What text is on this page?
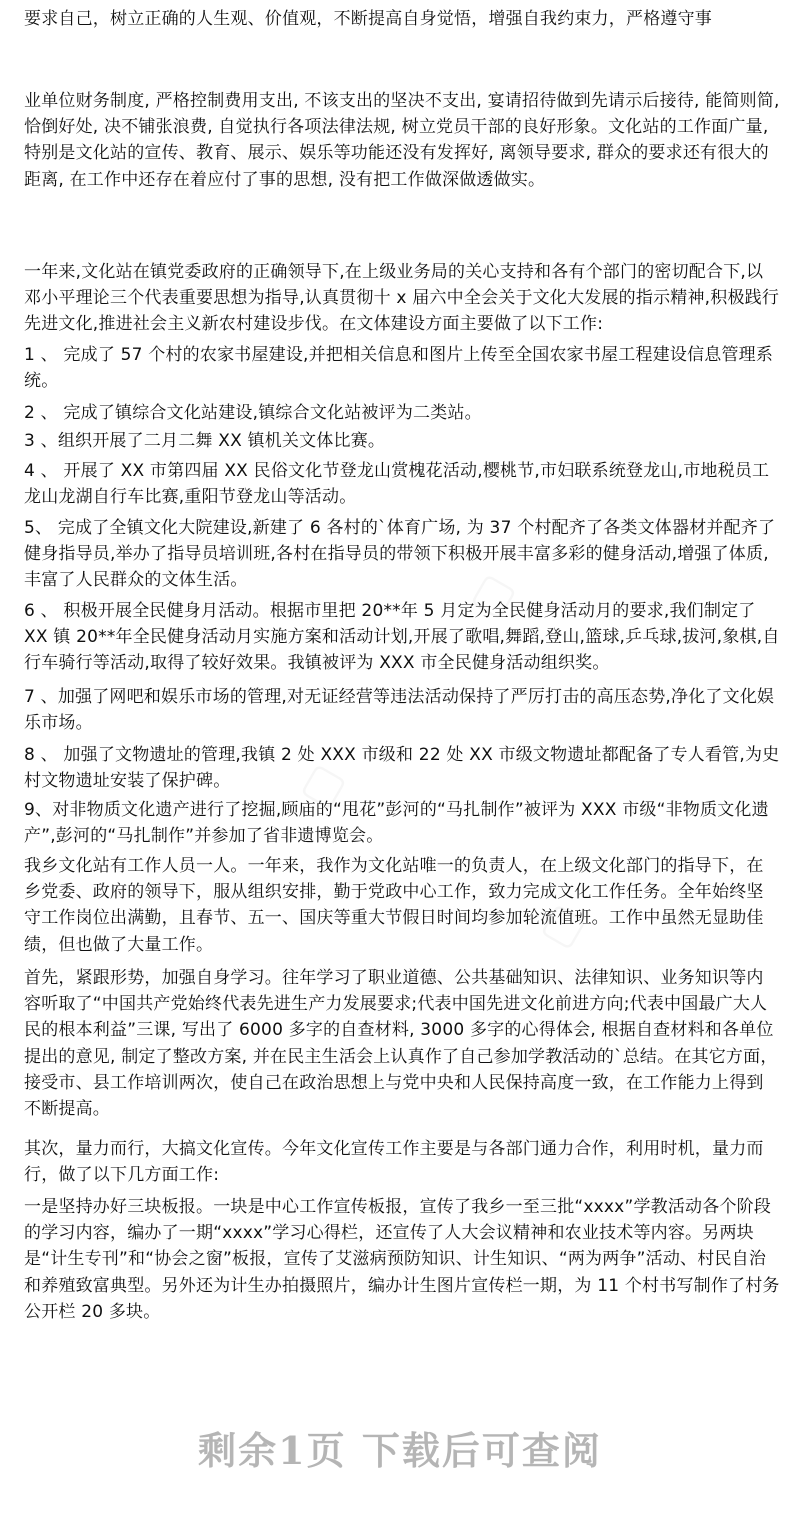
要求自己，树立正确的人生观、价值观，不断提高自身觉悟，增强自我约束力，严格遵守事

业单位财务制度, 严格控制费用支出, 不该支出的坚决不支出, 宴请招待做到先请示后接待, 能简则简, 恰倒好处, 决不铺张浪费, 自觉执行各项法律法规, 树立党员干部的良好形象。文化站的工作面广量, 特别是文化站的宣传、教育、展示、娱乐等功能还没有发挥好, 离领导要求, 群众的要求还有很大的距离, 在工作中还存在着应付了事的思想, 没有把工作做深做透做实。

一年来,文化站在镇党委政府的正确领导下,在上级业务局的关心支持和各有个部门的密切配合下,以邓小平理论三个代表重要思想为指导,认真贯彻十 x 届六中全会关于文化大发展的指示精神,积极践行先进文化,推进社会主义新农村建设步伐。在文体建设方面主要做了以下工作:

1 、 完成了 57 个村的农家书屋建设,并把相关信息和图片上传至全国农家书屋工程建设信息管理系统。

2 、 完成了镇综合文化站建设,镇综合文化站被评为二类站。

3 、组织开展了二月二舞 XX 镇机关文体比赛。

4 、 开展了 XX 市第四届 XX 民俗文化节登龙山赏槐花活动,樱桃节,市妇联系统登龙山,市地税员工龙山龙湖自行车比赛,重阳节登龙山等活动。

5、 完成了全镇文化大院建设,新建了 6 各村的`体育广场, 为 37 个村配齐了各类文体器材并配齐了健身指导员,举办了指导员培训班,各村在指导员的带领下积极开展丰富多彩的健身活动,增强了体质,丰富了人民群众的文体生活。

6 、 积极开展全民健身月活动。根据市里把 20**年 5 月定为全民健身活动月的要求,我们制定了 XX 镇 20**年全民健身活动月实施方案和活动计划,开展了歌唱,舞蹈,登山,篮球,乒乓球,拔河,象棋,自行车骑行等活动,取得了较好效果。我镇被评为 XXX 市全民健身活动组织奖。

7 、加强了网吧和娱乐市场的管理,对无证经营等违法活动保持了严厉打击的高压态势,净化了文化娱乐市场。

8 、 加强了文物遗址的管理,我镇 2 处 XXX 市级和 22 处 XX 市级文物遗址都配备了专人看管,为史村文物遗址安装了保护碑。

9、对非物质文化遗产进行了挖掘,顾庙的“甩花”彭河的“马扎制作”被评为 XXX 市级“非物质文化遗产”,彭河的“马扎制作”并参加了省非遗博览会。

我乡文化站有工作人员一人。一年来，我作为文化站唯一的负责人，在上级文化部门的指导下，在乡党委、政府的领导下，服从组织安排，勤于党政中心工作，致力完成文化工作任务。全年始终坚守工作岗位出满勤，且春节、五一、国庆等重大节假日时间均参加轮流值班。工作中虽然无显助佳绩，但也做了大量工作。

首先，紧跟形势，加强自身学习。往年学习了职业道德、公共基础知识、法律知识、业务知识等内容听取了“中国共产党始终代表先进生产力发展要求;代表中国先进文化前进方向;代表中国最广大人民的根本利益”三课, 写出了 6000 多字的自查材料, 3000 多字的心得体会, 根据自查材料和各单位提出的意见, 制定了整改方案, 并在民主生活会上认真作了自己参加学教活动的`总结。在其它方面，接受市、县工作培训两次，使自己在政治思想上与党中央和人民保持高度一致，在工作能力上得到不断提高。

其次，量力而行，大搞文化宣传。今年文化宣传工作主要是与各部门通力合作，利用时机，量力而行，做了以下几方面工作:

一是坚持办好三块板报。一块是中心工作宣传板报，宣传了我乡一至三批“xxxx”学教活动各个阶段的学习内容，编办了一期“xxxx”学习心得栏，还宣传了人大会议精神和农业技术等内容。另两块是“计生专刊”和“协会之窗”板报，宣传了艾滋病预防知识、计生知识、“两为两争”活动、村民自治和养殖致富典型。另外还为计生办拍摄照片，编办计生图片宣传栏一期，为 11 个村书写制作了村务公开栏 20 多块。

剩余1页 下载后可查阅
